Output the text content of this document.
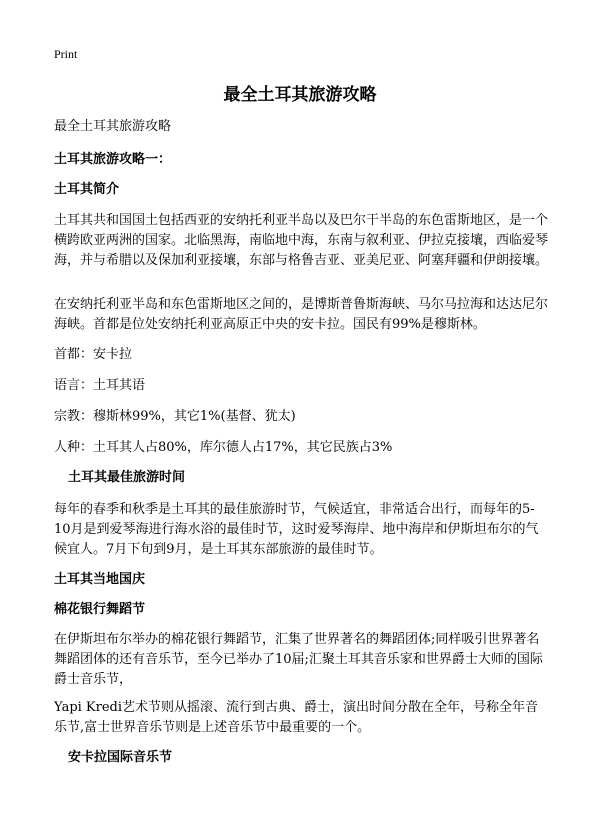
Print
最全土耳其旅游攻略
最全土耳其旅游攻略
土耳其旅游攻略一：
土耳其简介
土耳其共和国国土包括西亚的安纳托利亚半岛以及巴尔干半岛的东色雷斯地区，是一个横跨欧亚两洲的国家。北临黑海，南临地中海，东南与叙利亚、伊拉克接壤，西临爱琴海，并与希腊以及保加利亚接壤，东部与格鲁吉亚、亚美尼亚、阿塞拜疆和伊朗接壤。
在安纳托利亚半岛和东色雷斯地区之间的，是博斯普鲁斯海峡、马尔马拉海和达达尼尔海峡。首都是位处安纳托利亚高原正中央的安卡拉。国民有99%是穆斯林。
首都：安卡拉
语言：土耳其语
宗教：穆斯林99%，其它1%(基督、犹太)
人种：土耳其人占80%，库尔德人占17%，其它民族占3%
土耳其最佳旅游时间
每年的春季和秋季是土耳其的最佳旅游时节，气候适宜，非常适合出行，而每年的5-10月是到爱琴海进行海水浴的最佳时节，这时爱琴海岸、地中海岸和伊斯坦布尔的气候宜人。7月下旬到9月，是土耳其东部旅游的最佳时节。
土耳其当地国庆
棉花银行舞蹈节
在伊斯坦布尔举办的棉花银行舞蹈节，汇集了世界著名的舞蹈团体;同样吸引世界著名舞蹈团体的还有音乐节，至今已举办了10届;汇聚土耳其音乐家和世界爵士大师的国际爵士音乐节，
Yapi Kredi艺术节则从摇滚、流行到古典、爵士，演出时间分散在全年，号称全年音乐节,富士世界音乐节则是上述音乐节中最重要的一个。
安卡拉国际音乐节
